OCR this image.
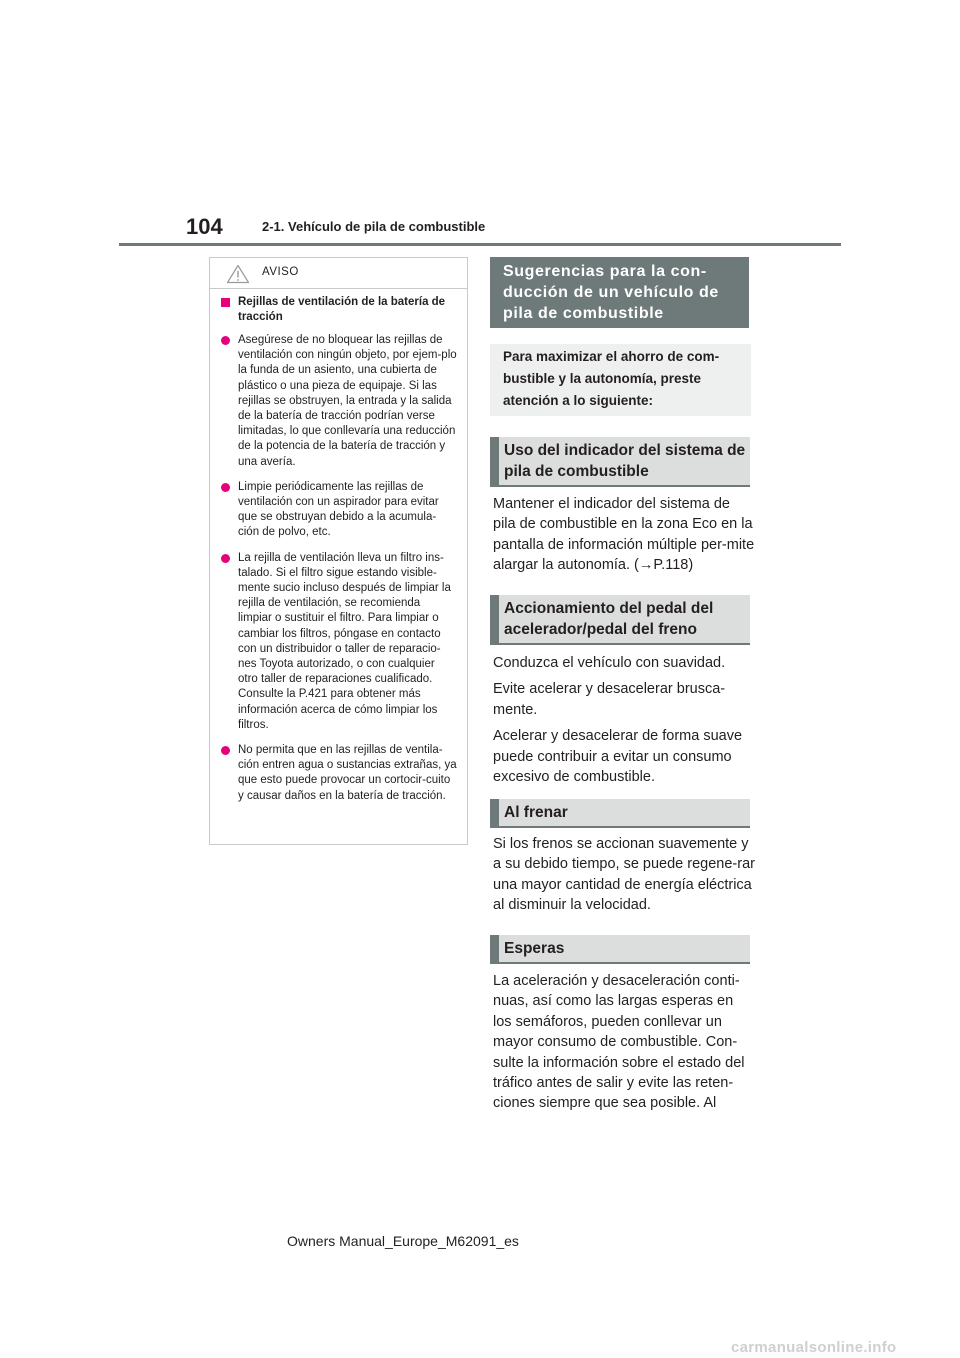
104	2-1. Vehículo de pila de combustible
AVISO
Rejillas de ventilación de la batería de tracción
Asegúrese de no bloquear las rejillas de ventilación con ningún objeto, por ejem-plo la funda de un asiento, una cubierta de plástico o una pieza de equipaje. Si las rejillas se obstruyen, la entrada y la salida de la batería de tracción podrían verse limitadas, lo que conllevaría una reducción de la potencia de la batería de tracción y una avería.
Limpie periódicamente las rejillas de ventilación con un aspirador para evitar que se obstruyan debido a la acumula-ción de polvo, etc.
La rejilla de ventilación lleva un filtro ins-talado. Si el filtro sigue estando visible-mente sucio incluso después de limpiar la rejilla de ventilación, se recomienda limpiar o sustituir el filtro. Para limpiar o cambiar los filtros, póngase en contacto con un distribuidor o taller de reparacio-nes Toyota autorizado, o con cualquier otro taller de reparaciones cualificado. Consulte la P.421 para obtener más información acerca de cómo limpiar los filtros.
No permita que en las rejillas de ventila-ción entren agua o sustancias extrañas, ya que esto puede provocar un cortocir-cuito y causar daños en la batería de tracción.
Sugerencias para la con-ducción de un vehículo de pila de combustible
Para maximizar el ahorro de com-bustible y la autonomía, preste atención a lo siguiente:
Uso del indicador del sistema de pila de combustible

Mantener el indicador del sistema de pila de combustible en la zona Eco en la pantalla de información múltiple per-mite alargar la autonomía. (→P.118)

Accionamiento del pedal del acelerador/pedal del freno

Conduzca el vehículo con suavidad.

Evite acelerar y desacelerar brusca-mente.

Acelerar y desacelerar de forma suave puede contribuir a evitar un consumo excesivo de combustible.

Al frenar

Si los frenos se accionan suavemente y a su debido tiempo, se puede regene-rar una mayor cantidad de energía eléctrica al disminuir la velocidad.

Esperas

La aceleración y desaceleración conti-nuas, así como las largas esperas en los semáforos, pueden conllevar un mayor consumo de combustible. Con-sulte la información sobre el estado del tráfico antes de salir y evite las reten-ciones siempre que sea posible. Al

Owners Manual_Europe_M62091_es
carmanualsonline.info
